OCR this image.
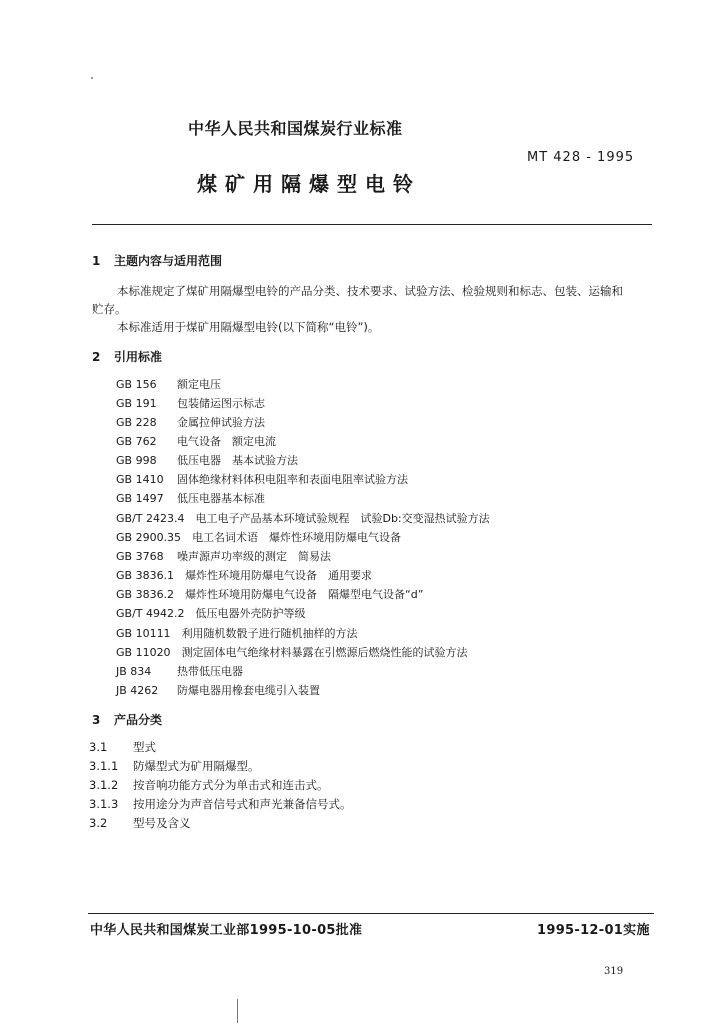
中华人民共和国煤炭行业标准
MT 428 - 1995
煤矿用隔爆型电铃
1 主题内容与适用范围
本标准规定了煤矿用隔爆型电铃的产品分类、技术要求、试验方法、检验规则和标志、包装、运输和
贮存。
本标准适用于煤矿用隔爆型电铃(以下简称“电铃”)。
2 引用标准
GB 156　 额定电压
GB 191　 包装储运图示标志
GB 228　 金属拉伸试验方法
GB 762　 电气设备　额定电流
GB 998　 低压电器　基本试验方法
GB 1410　 固体绝缘材料体积电阻率和表面电阻率试验方法
GB 1497　 低压电器基本标准
GB/T 2423.4　 电工电子产品基本环境试验规程　试验Db:交变湿热试验方法
GB 2900.35　 电工名词术语　爆炸性环境用防爆电气设备
GB 3768　 噪声源声功率级的测定　简易法
GB 3836.1　 爆炸性环境用防爆电气设备　通用要求
GB 3836.2　 爆炸性环境用防爆电气设备　隔爆型电气设备“d”
GB/T 4942.2　 低压电器外壳防护等级
GB 10111　 利用随机数骰子进行随机抽样的方法
GB 11020　 测定固体电气绝缘材料暴露在引燃源后燃烧性能的试验方法
JB 834　 热带低压电器
JB 4262　 防爆电器用橡套电缆引入装置
3 产品分类
3.1 型式
3.1.1 防爆型式为矿用隔爆型。
3.1.2 按音响功能方式分为单击式和连击式。
3.1.3 按用途分为声音信号式和声光兼备信号式。
3.2 型号及含义
中华人民共和国煤炭工业部1995-10-05批准	1995-12-01实施
319
